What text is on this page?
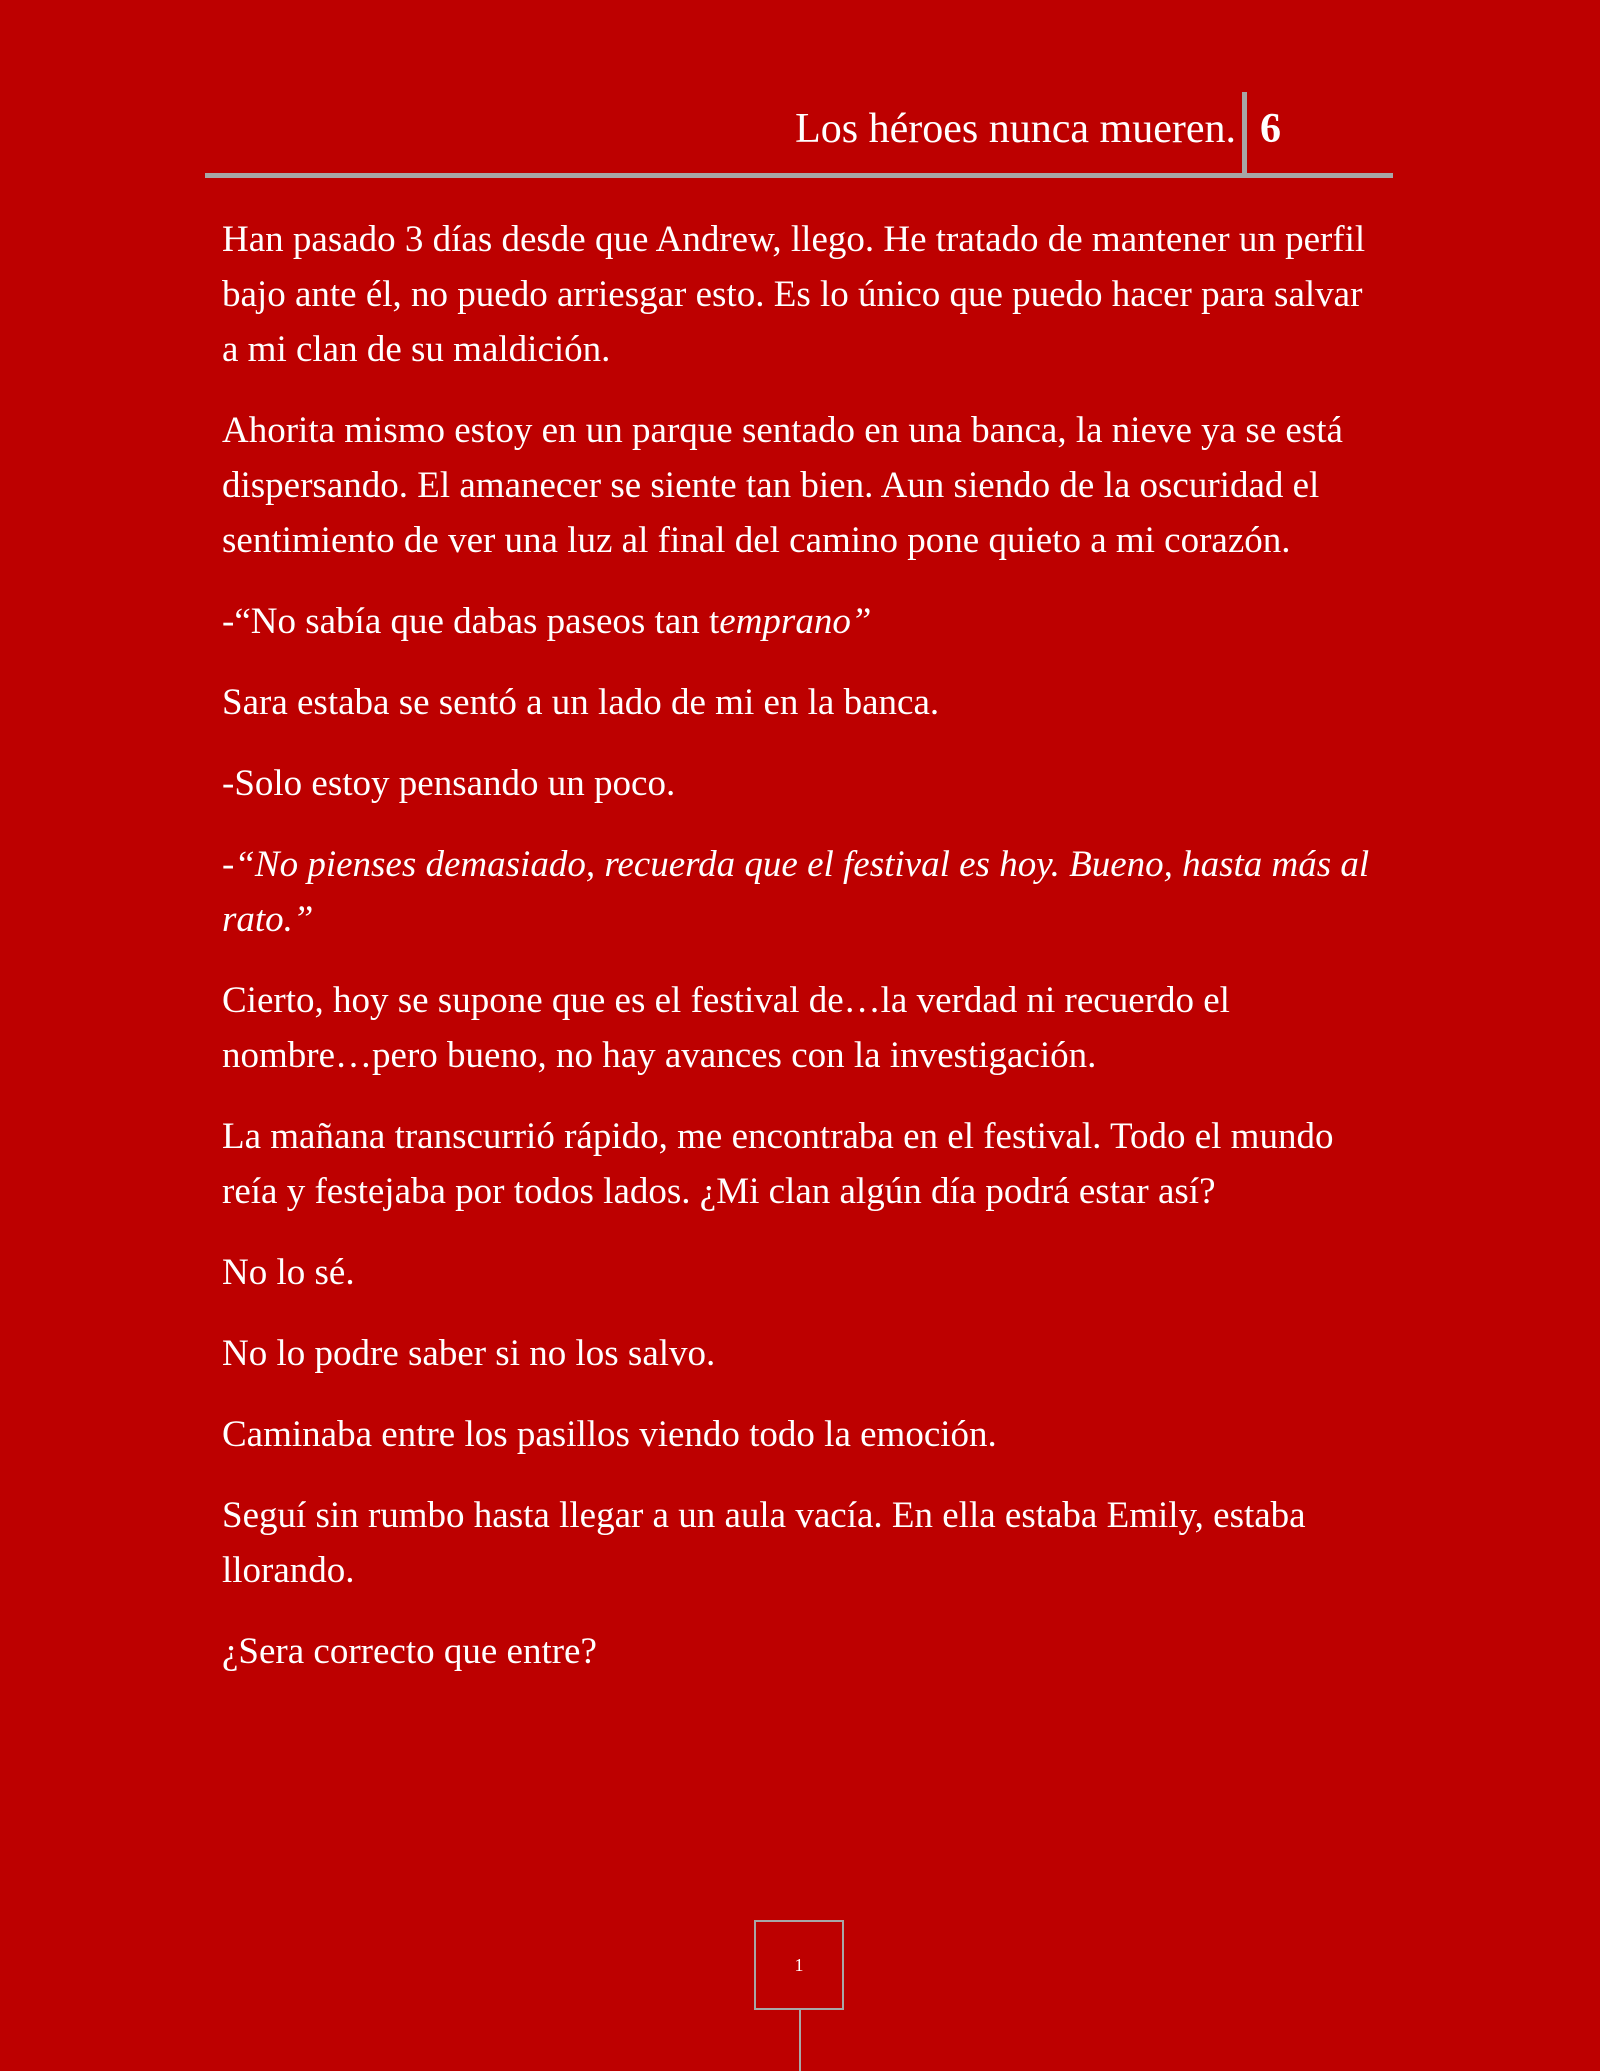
Los héroes nunca mueren. 6

Han pasado 3 días desde que Andrew, llego. He tratado de mantener un perfil bajo ante él, no puedo arriesgar esto. Es lo único que puedo hacer para salvar a mi clan de su maldición.

Ahorita mismo estoy en un parque sentado en una banca, la nieve ya se está dispersando. El amanecer se siente tan bien. Aun siendo de la oscuridad el sentimiento de ver una luz al final del camino pone quieto a mi corazón.

-“No sabía que dabas paseos tan temprano”

Sara estaba se sentó a un lado de mi en la banca.

-Solo estoy pensando un poco.

-“No pienses demasiado, recuerda que el festival es hoy. Bueno, hasta más al rato.”

Cierto, hoy se supone que es el festival de…la verdad ni recuerdo el nombre…pero bueno, no hay avances con la investigación.

La mañana transcurrió rápido, me encontraba en el festival. Todo el mundo reía y festejaba por todos lados. ¿Mi clan algún día podrá estar así?

No lo sé.

No lo podre saber si no los salvo.

Caminaba entre los pasillos viendo todo la emoción.

Seguí sin rumbo hasta llegar a un aula vacía. En ella estaba Emily, estaba llorando.

¿Sera correcto que entre?

1
